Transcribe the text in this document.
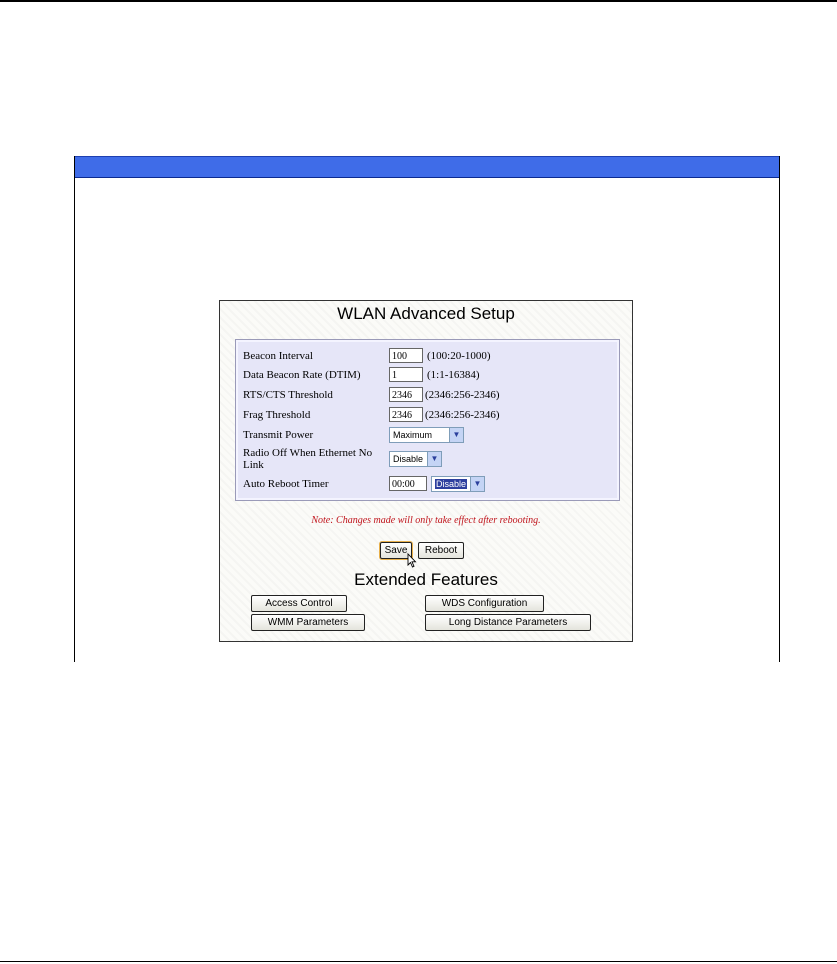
WLAN Advanced Setup
Beacon Interval	100	(100:20-1000)
Data Beacon Rate (DTIM)	1	(1:1-16384)
RTS/CTS Threshold	2346	(2346:256-2346)
Frag Threshold	2346	(2346:256-2346)
Transmit Power	Maximum	▼
Radio Off When Ethernet No Link	Disable ▼
Auto Reboot Timer	00:00	Disable ▼
Note: Changes made will only take effect after rebooting.
Save	Reboot
Extended Features
Access Control	WDS Configuration
WMM Parameters	Long Distance Parameters
